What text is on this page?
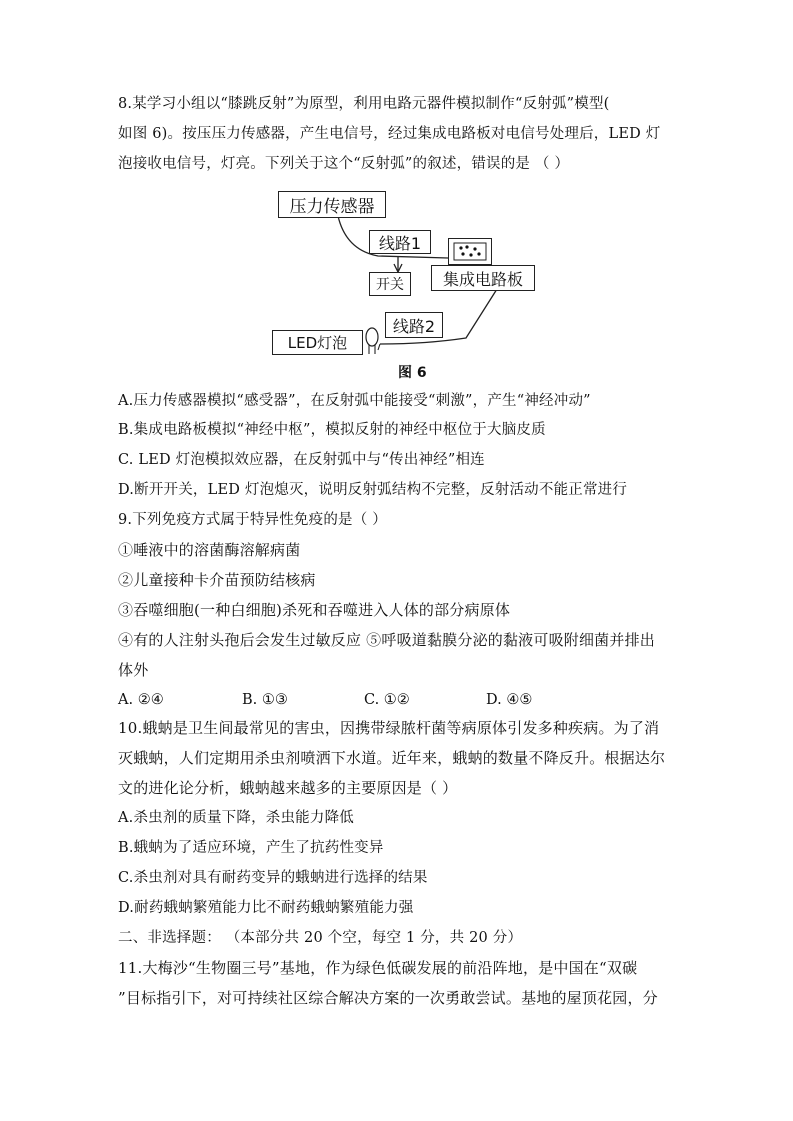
8.某学习小组以“膝跳反射”为原型，利用电路元器件模拟制作“反射弧”模型(
如图 6)。按压压力传感器，产生电信号，经过集成电路板对电信号处理后，LED 灯
泡接收电信号，灯亮。下列关于这个“反射弧”的叙述，错误的是 （ ）
压力传感器
线路1
开关	集成电路板
线路2
LED灯泡
图 6
A.压力传感器模拟“感受器”，在反射弧中能接受“刺激”，产生“神经冲动”
B.集成电路板模拟“神经中枢”，模拟反射的神经中枢位于大脑皮质
C. LED 灯泡模拟效应器，在反射弧中与“传出神经”相连
D.断开开关，LED 灯泡熄灭，说明反射弧结构不完整，反射活动不能正常进行
9.下列免疫方式属于特异性免疫的是（ ）
①唾液中的溶菌酶溶解病菌
②儿童接种卡介苗预防结核病
③吞噬细胞(一种白细胞)杀死和吞噬进入人体的部分病原体
④有的人注射头孢后会发生过敏反应 ⑤呼吸道黏膜分泌的黏液可吸附细菌并排出
体外
A. ②④	B. ①③	C. ①②	D. ④⑤
10.蛾蚋是卫生间最常见的害虫，因携带绿脓杆菌等病原体引发多种疾病。为了消
灭蛾蚋，人们定期用杀虫剂喷洒下水道。近年来，蛾蚋的数量不降反升。根据达尔
文的进化论分析，蛾蚋越来越多的主要原因是（ ）
A.杀虫剂的质量下降，杀虫能力降低
B.蛾蚋为了适应环境，产生了抗药性变异
C.杀虫剂对具有耐药变异的蛾蚋进行选择的结果
D.耐药蛾蚋繁殖能力比不耐药蛾蚋繁殖能力强
二、非选择题： （本部分共 20 个空，每空 1 分，共 20 分）
11.大梅沙“生物圈三号”基地，作为绿色低碳发展的前沿阵地，是中国在“双碳
”目标指引下，对可持续社区综合解决方案的一次勇敢尝试。基地的屋顶花园，分
